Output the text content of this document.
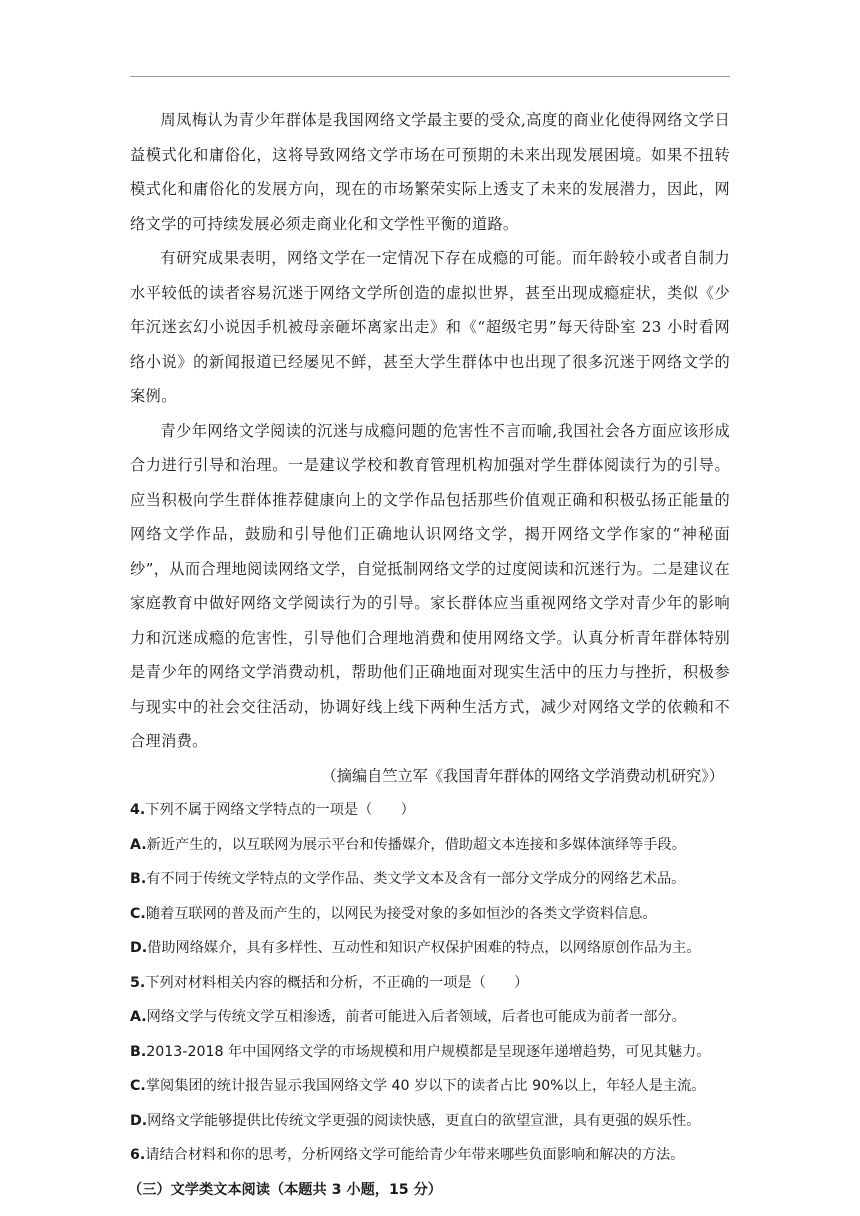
周凤梅认为青少年群体是我国网络文学最主要的受众,高度的商业化使得网络文学日益模式化和庸俗化，这将导致网络文学市场在可预期的未来出现发展困境。如果不扭转模式化和庸俗化的发展方向，现在的市场繁荣实际上透支了未来的发展潜力，因此，网络文学的可持续发展必须走商业化和文学性平衡的道路。

有研究成果表明，网络文学在一定情况下存在成瘾的可能。而年龄较小或者自制力水平较低的读者容易沉迷于网络文学所创造的虚拟世界，甚至出现成瘾症状，类似《少年沉迷玄幻小说因手机被母亲砸坏离家出走》和《“超级宅男”每天待卧室 23 小时看网络小说》的新闻报道已经屡见不鲜，甚至大学生群体中也出现了很多沉迷于网络文学的案例。

青少年网络文学阅读的沉迷与成瘾问题的危害性不言而喻,我国社会各方面应该形成合力进行引导和治理。一是建议学校和教育管理机构加强对学生群体阅读行为的引导。应当积极向学生群体推荐健康向上的文学作品包括那些价值观正确和积极弘扬正能量的网络文学作品，鼓励和引导他们正确地认识网络文学，揭开网络文学作家的“神秘面纱”，从而合理地阅读网络文学，自觉抵制网络文学的过度阅读和沉迷行为。二是建议在家庭教育中做好网络文学阅读行为的引导。家长群体应当重视网络文学对青少年的影响力和沉迷成瘾的危害性，引导他们合理地消费和使用网络文学。认真分析青年群体特别是青少年的网络文学消费动机，帮助他们正确地面对现实生活中的压力与挫折，积极参与现实中的社会交往活动，协调好线上线下两种生活方式，减少对网络文学的依赖和不合理消费。

（摘编自竺立军《我国青年群体的网络文学消费动机研究》）

4.下列不属于网络文学特点的一项是（　　）

A.新近产生的，以互联网为展示平台和传播媒介，借助超文本连接和多媒体演绎等手段。

B.有不同于传统文学特点的文学作品、类文学文本及含有一部分文学成分的网络艺术品。

C.随着互联网的普及而产生的，以网民为接受对象的多如恒沙的各类文学资料信息。

D.借助网络媒介，具有多样性、互动性和知识产权保护困难的特点，以网络原创作品为主。

5.下列对材料相关内容的概括和分析，不正确的一项是（　　）

A.网络文学与传统文学互相渗透，前者可能进入后者领域，后者也可能成为前者一部分。

B.2013-2018 年中国网络文学的市场规模和用户规模都是呈现逐年递增趋势，可见其魅力。

C.掌阅集团的统计报告显示我国网络文学 40 岁以下的读者占比 90%以上，年轻人是主流。

D.网络文学能够提供比传统文学更强的阅读快感，更直白的欲望宣泄，具有更强的娱乐性。

6.请结合材料和你的思考，分析网络文学可能给青少年带来哪些负面影响和解决的方法。

（三）文学类文本阅读（本题共 3 小题，15 分）
